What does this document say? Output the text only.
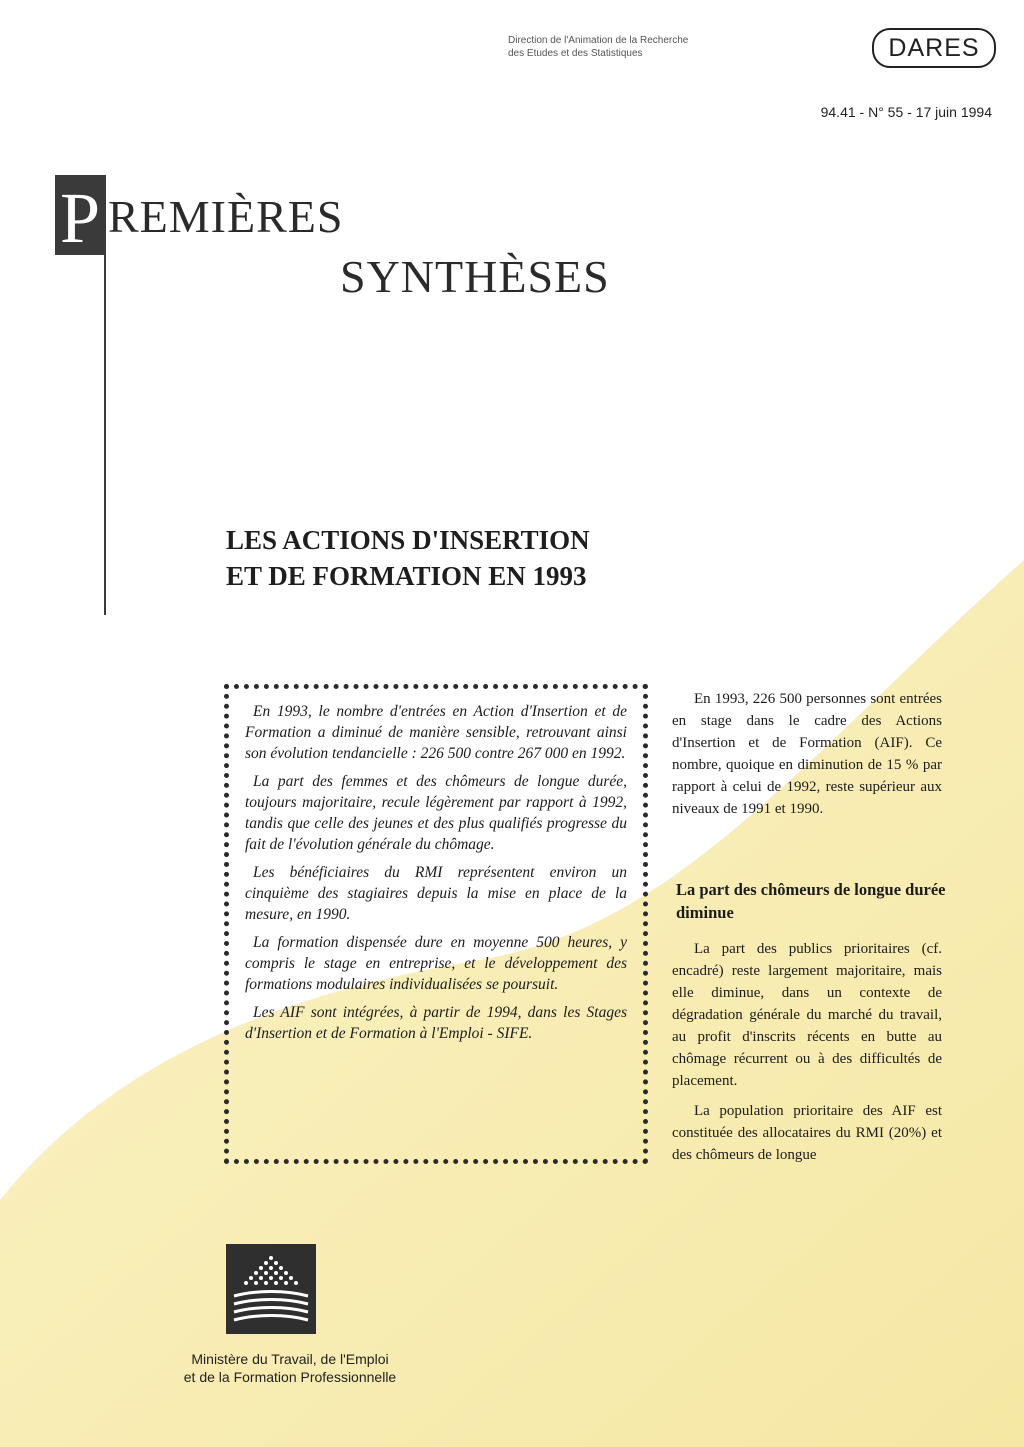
Direction de l'Animation de la Recherche
des Etudes et des Statistiques	DARES
94.41 - N° 55 - 17 juin 1994
P REMIÈRES
SYNTHÈSES
LES ACTIONS D'INSERTION
ET DE FORMATION EN 1993

En 1993, le nombre d'entrées en Action d'Insertion et de Formation a diminué de manière sensible, retrouvant ainsi son évolution tendancielle : 226 500 contre 267 000 en 1992.

La part des femmes et des chômeurs de longue durée, toujours majoritaire, recule légèrement par rapport à 1992, tandis que celle des jeunes et des plus qualifiés progresse du fait de l'évolution générale du chômage.

Les bénéficiaires du RMI représentent environ un cinquième des stagiaires depuis la mise en place de la mesure, en 1990.

La formation dispensée dure en moyenne 500 heures, y compris le stage en entreprise, et le développement des formations modulaires individualisées se poursuit.

Les AIF sont intégrées, à partir de 1994, dans les Stages d'Insertion et de Formation à l'Emploi - SIFE.

En 1993, 226 500 personnes sont entrées en stage dans le cadre des Actions d'Insertion et de Formation (AIF). Ce nombre, quoique en diminution de 15 % par rapport à celui de 1992, reste supérieur aux niveaux de 1991 et 1990.

La part des chômeurs de longue durée diminue

La part des publics prioritaires (cf. encadré) reste largement majoritaire, mais elle diminue, dans un contexte de dégradation générale du marché du travail, au profit d'inscrits récents en butte au chômage récurrent ou à des difficultés de placement.

La population prioritaire des AIF est constituée des allocataires du RMI (20%) et des chômeurs de longue

Ministère du Travail, de l'Emploi
et de la Formation Professionnelle
